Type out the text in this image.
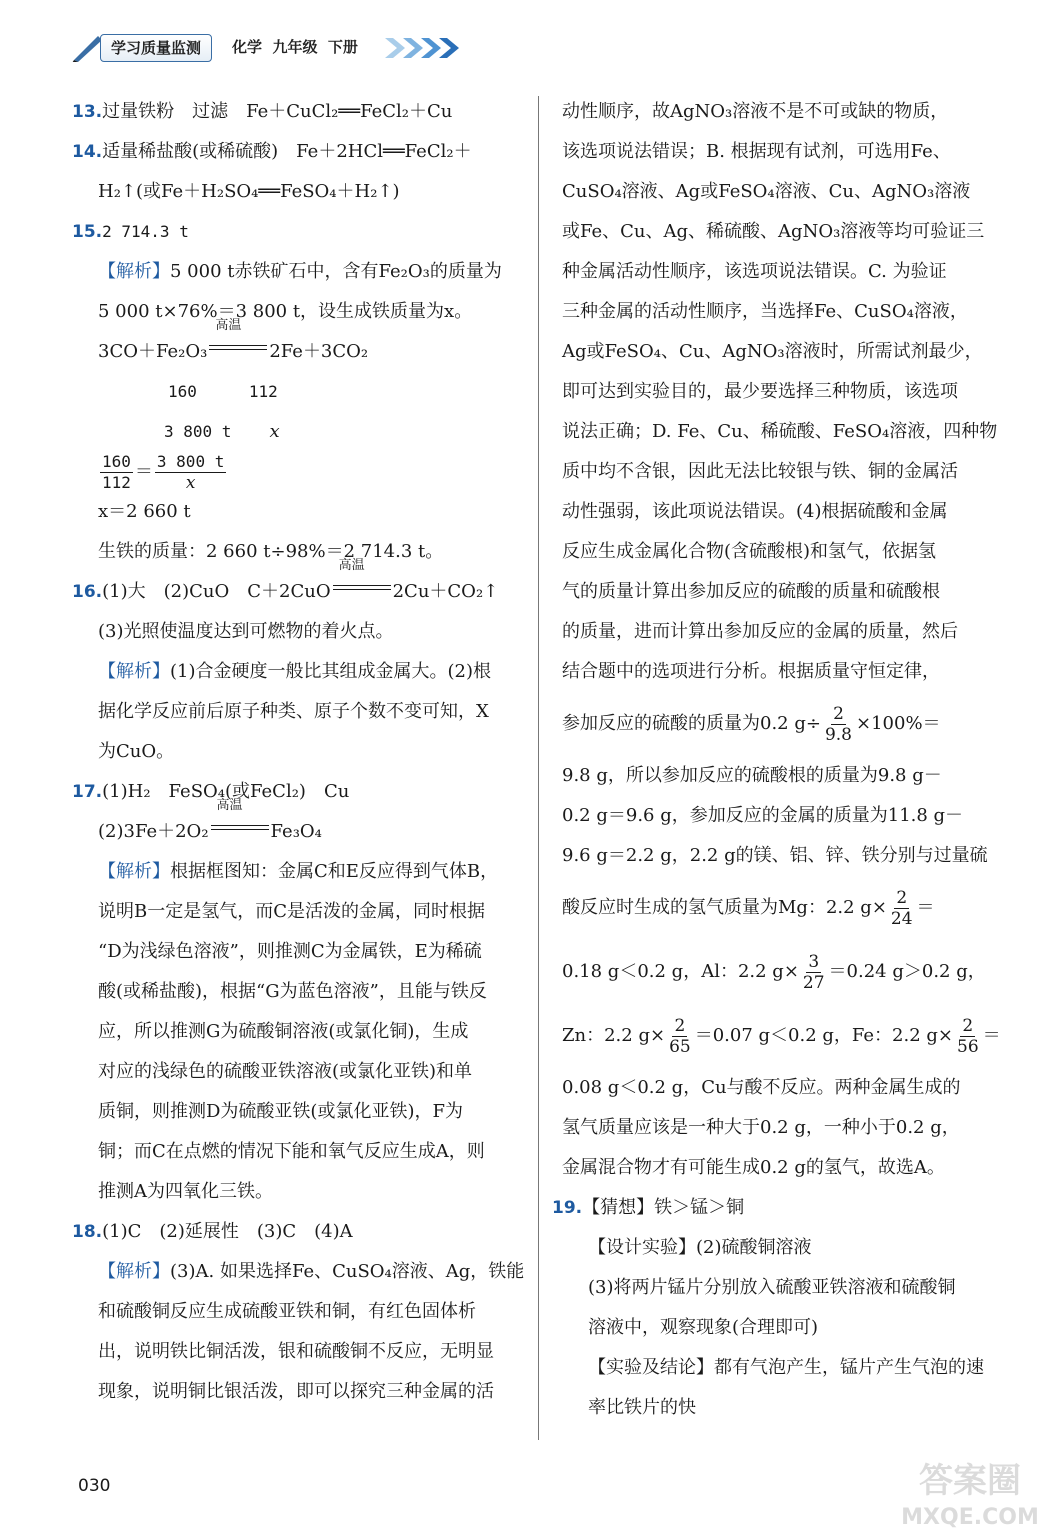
学习质量监测	化学  九年级  下册
13.过量铁粉　过滤　Fe＋CuCl₂══FeCl₂＋Cu
14.适量稀盐酸(或稀硫酸)　Fe＋2HCl══FeCl₂＋
H₂↑(或Fe＋H₂SO₄══FeSO₄＋H₂↑)
15.2 714.3 t
【解析】5 000 t赤铁矿石中，含有Fe₂O₃的质量为
5 000 t×76%＝3 800 t，设生成铁质量为x。
3CO＋Fe₂O₃
高温
2Fe＋3CO₂
160	112
3 800 t x
$\frac{160}{112} = \frac{3 800 t}{x}$
x＝2 660 t
生铁的质量：2 660 t÷98%＝2 714.3 t。
16.(1)大　(2)CuO　C＋2CuO
高温
2Cu＋CO₂↑
(3)光照使温度达到可燃物的着火点。
【解析】(1)合金硬度一般比其组成金属大。(2)根
据化学反应前后原子种类、原子个数不变可知，X
为CuO。
17.(1)H₂　FeSO₄(或FeCl₂)　Cu
(2)3Fe＋2O₂
高温
Fe₃O₄
【解析】根据框图知：金属C和E反应得到气体B，
说明B一定是氢气，而C是活泼的金属，同时根据
“D为浅绿色溶液”，则推测C为金属铁，E为稀硫
酸(或稀盐酸)，根据“G为蓝色溶液”，且能与铁反
应，所以推测G为硫酸铜溶液(或氯化铜)，生成
对应的浅绿色的硫酸亚铁溶液(或氯化亚铁)和单
质铜，则推测D为硫酸亚铁(或氯化亚铁)，F为
铜；而C在点燃的情况下能和氧气反应生成A，则
推测A为四氧化三铁。
18.(1)C　(2)延展性　(3)C　(4)A
【解析】(3)A. 如果选择Fe、CuSO₄溶液、Ag，铁能
和硫酸铜反应生成硫酸亚铁和铜，有红色固体析
出，说明铁比铜活泼，银和硫酸铜不反应，无明显
现象，说明铜比银活泼，即可以探究三种金属的活
动性顺序，故AgNO₃溶液不是不可或缺的物质，
该选项说法错误；B. 根据现有试剂，可选用Fe、
CuSO₄溶液、Ag或FeSO₄溶液、Cu、AgNO₃溶液
或Fe、Cu、Ag、稀硫酸、AgNO₃溶液等均可验证三
种金属活动性顺序，该选项说法错误。C. 为验证
三种金属的活动性顺序，当选择Fe、CuSO₄溶液，
Ag或FeSO₄、Cu、AgNO₃溶液时，所需试剂最少，
即可达到实验目的，最少要选择三种物质，该选项
说法正确；D. Fe、Cu、稀硫酸、FeSO₄溶液，四种物
质中均不含银，因此无法比较银与铁、铜的金属活
动性强弱，该此项说法错误。(4)根据硫酸和金属
反应生成金属化合物(含硫酸根)和氢气，依据氢
气的质量计算出参加反应的硫酸的质量和硫酸根
的质量，进而计算出参加反应的金属的质量，然后
结合题中的选项进行分析。根据质量守恒定律，
参加反应的硫酸的质量为0.2 $g\div \frac{2}{9.8} \times 100\%=$
9.8 g，所以参加反应的硫酸根的质量为9.8 g－
0.2 g＝9.6 g，参加反应的金属的质量为11.8 g－
9.6 g＝2.2 g，2.2 g的镁、铝、锌、铁分别与过量硫
酸反应时生成的氢气质量为Mg：2.2 $g\times \frac{2}{24}$ ＝
0.18 g＜0.2 g，Al：2.2 $g\times \frac{3}{27} =0.24$ g＞0.2 g，
Zn：2.2 $g\times \frac{2}{65} =0.07$ g＜0.2 g，Fe：2.2 $g\times \frac{2}{56}$ ＝
0.08 g＜0.2 g，Cu与酸不反应。两种金属生成的
氢气质量应该是一种大于0.2 g，一种小于0.2 g，
金属混合物才有可能生成0.2 g的氢气，故选A。
19.【猜想】铁＞锰＞铜
【设计实验】(2)硫酸铜溶液
(3)将两片锰片分别放入硫酸亚铁溶液和硫酸铜
溶液中，观察现象(合理即可)
【实验及结论】都有气泡产生，锰片产生气泡的速
率比铁片的快
030	答案圈
MXQE.COM
